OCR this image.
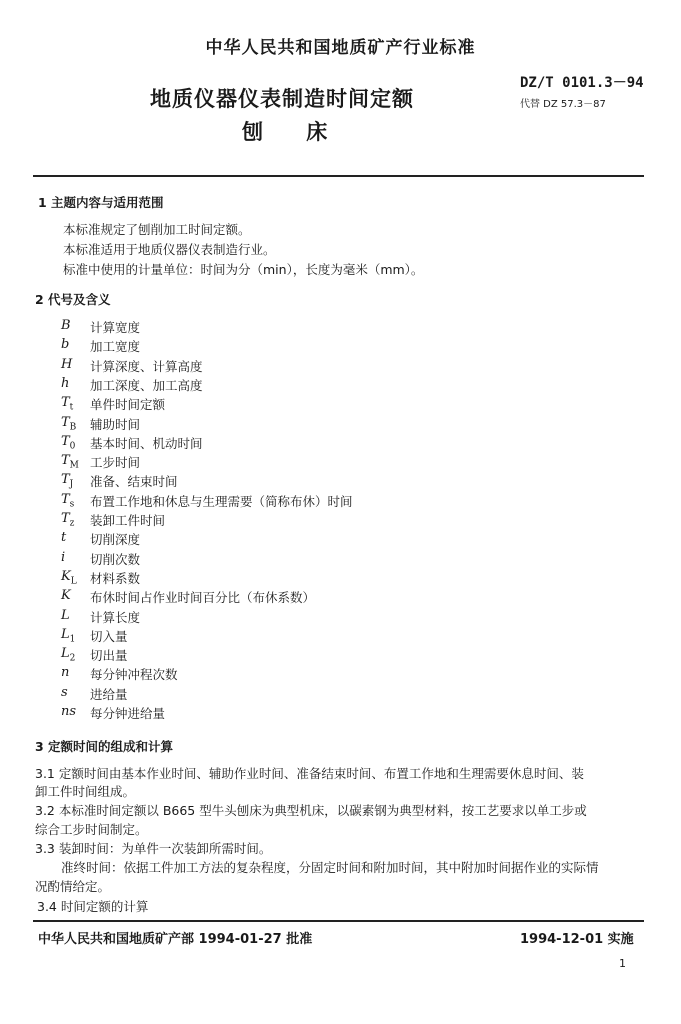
中华人民共和国地质矿产行业标准
地质仪器仪表制造时间定额
刨 床
DZ/T 0101.3－94
代替 DZ 57.3－87
1 主题内容与适用范围
本标准规定了刨削加工时间定额。
本标准适用于地质仪器仪表制造行业。
标准中使用的计量单位：时间为分（min），长度为毫米（mm）。
2 代号及含义
B 计算宽度
b 加工宽度
H 计算深度、计算高度
h 加工深度、加工高度
$T_t$ 单件时间定额
$T_B$ 辅助时间
$T_0$ 基本时间、机动时间
$T_M$ 工步时间
$T_J$ 准备、结束时间
$T_s$ 布置工作地和休息与生理需要（简称布休）时间
$T_z$ 装卸工件时间
t 切削深度
i 切削次数
$K_L$ 材料系数
K 布休时间占作业时间百分比（布休系数）
L 计算长度
$L_1$ 切入量
$L_2$ 切出量
n 每分钟冲程次数
s 进给量
ns 每分钟进给量
3 定额时间的组成和计算
3.1 定额时间由基本作业时间、辅助作业时间、准备结束时间、布置工作地和生理需要休息时间、装
卸工件时间组成。
3.2 本标准时间定额以 B665 型牛头刨床为典型机床，以碳素钢为典型材料，按工艺要求以单工步或
综合工步时间制定。
3.3 装卸时间：为单件一次装卸所需时间。
准终时间：依据工件加工方法的复杂程度，分固定时间和附加时间，其中附加时间据作业的实际情
况酌情给定。
3.4 时间定额的计算
中华人民共和国地质矿产部 1994-01-27 批准	1994-12-01 实施
1
